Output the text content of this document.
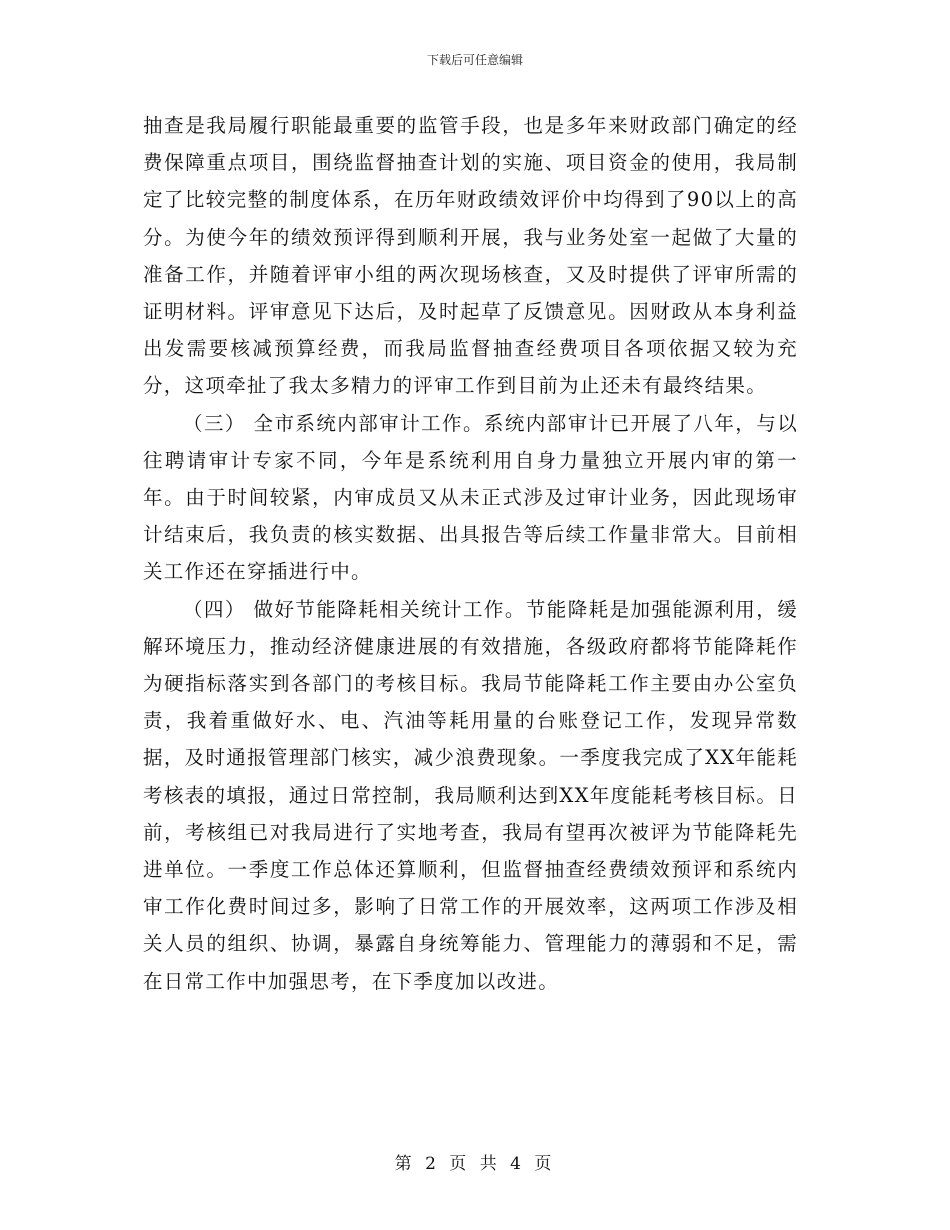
下载后可任意编辑

抽查是我局履行职能最重要的监管手段，也是多年来财政部门确定的经费保障重点项目，围绕监督抽查计划的实施、项目资金的使用，我局制定了比较完整的制度体系，在历年财政绩效评价中均得到了90以上的高分。为使今年的绩效预评得到顺利开展，我与业务处室一起做了大量的准备工作，并随着评审小组的两次现场核查，又及时提供了评审所需的证明材料。评审意见下达后，及时起草了反馈意见。因财政从本身利益出发需要核减预算经费，而我局监督抽查经费项目各项依据又较为充分，这项牵扯了我太多精力的评审工作到目前为止还未有最终结果。

（三） 全市系统内部审计工作。系统内部审计已开展了八年，与以往聘请审计专家不同，今年是系统利用自身力量独立开展内审的第一年。由于时间较紧，内审成员又从未正式涉及过审计业务，因此现场审计结束后，我负责的核实数据、出具报告等后续工作量非常大。目前相关工作还在穿插进行中。

（四） 做好节能降耗相关统计工作。节能降耗是加强能源利用，缓解环境压力，推动经济健康进展的有效措施，各级政府都将节能降耗作为硬指标落实到各部门的考核目标。我局节能降耗工作主要由办公室负责，我着重做好水、电、汽油等耗用量的台账登记工作，发现异常数据，及时通报管理部门核实，减少浪费现象。一季度我完成了XX年能耗考核表的填报，通过日常控制，我局顺利达到XX年度能耗考核目标。日前，考核组已对我局进行了实地考查，我局有望再次被评为节能降耗先进单位。一季度工作总体还算顺利，但监督抽查经费绩效预评和系统内审工作化费时间过多，影响了日常工作的开展效率，这两项工作涉及相关人员的组织、协调，暴露自身统筹能力、管理能力的薄弱和不足，需在日常工作中加强思考，在下季度加以改进。

第 2 页 共 4 页
